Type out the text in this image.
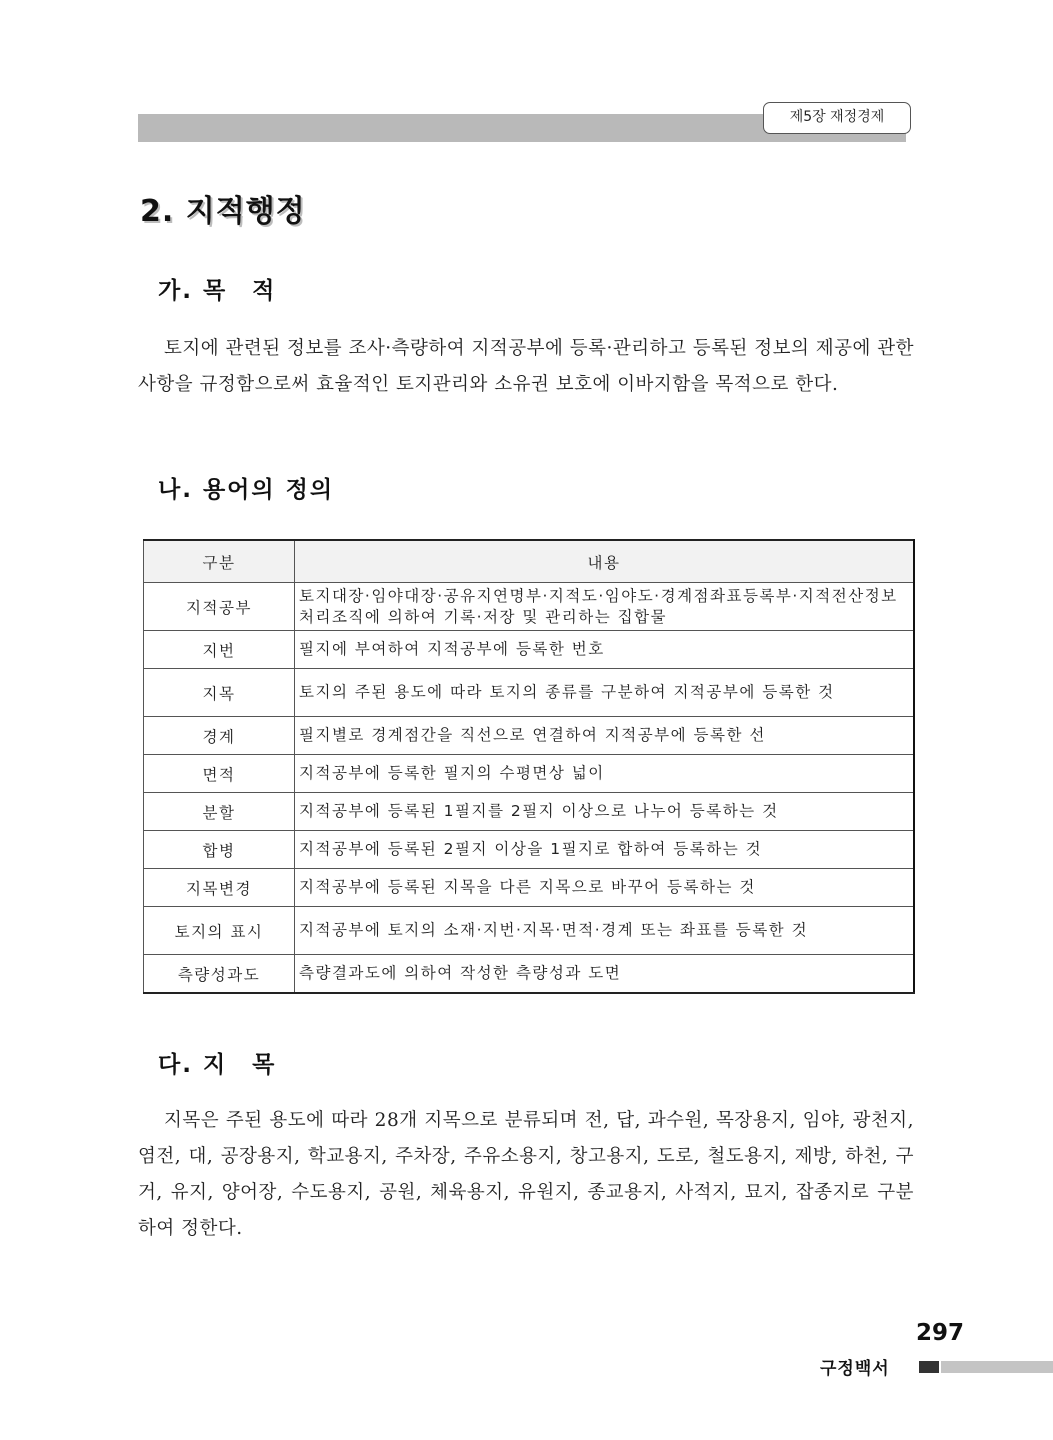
제5장 재정경제
2. 지적행정
가. 목　적

토지에 관련된 정보를 조사·측량하여 지적공부에 등록·관리하고 등록된 정보의 제공에 관한 사항을 규정함으로써 효율적인 토지관리와 소유권 보호에 이바지함을 목적으로 한다.

나. 용어의 정의
구분	내용
지적공부	토지대장·임야대장·공유지연명부·지적도·임야도·경계점좌표등록부·지적전산정보처리조직에 의하여 기록·저장 및 관리하는 집합물
지번	필지에 부여하여 지적공부에 등록한 번호
지목	토지의 주된 용도에 따라 토지의 종류를 구분하여 지적공부에 등록한 것
경계	필지별로 경계점간을 직선으로 연결하여 지적공부에 등록한 선
면적	지적공부에 등록한 필지의 수평면상 넓이
분할	지적공부에 등록된 1필지를 2필지 이상으로 나누어 등록하는 것
합병	지적공부에 등록된 2필지 이상을 1필지로 합하여 등록하는 것
지목변경	지적공부에 등록된 지목을 다른 지목으로 바꾸어 등록하는 것
토지의 표시	지적공부에 토지의 소재·지번·지목·면적·경계 또는 좌표를 등록한 것
측량성과도	측량결과도에 의하여 작성한 측량성과 도면
다. 지　목

지목은 주된 용도에 따라 28개 지목으로 분류되며 전, 답, 과수원, 목장용지, 임야, 광천지, 염전, 대, 공장용지, 학교용지, 주차장, 주유소용지, 창고용지, 도로, 철도용지, 제방, 하천, 구거, 유지, 양어장, 수도용지, 공원, 체육용지, 유원지, 종교용지, 사적지, 묘지, 잡종지로 구분하여 정한다.

297
구정백서
